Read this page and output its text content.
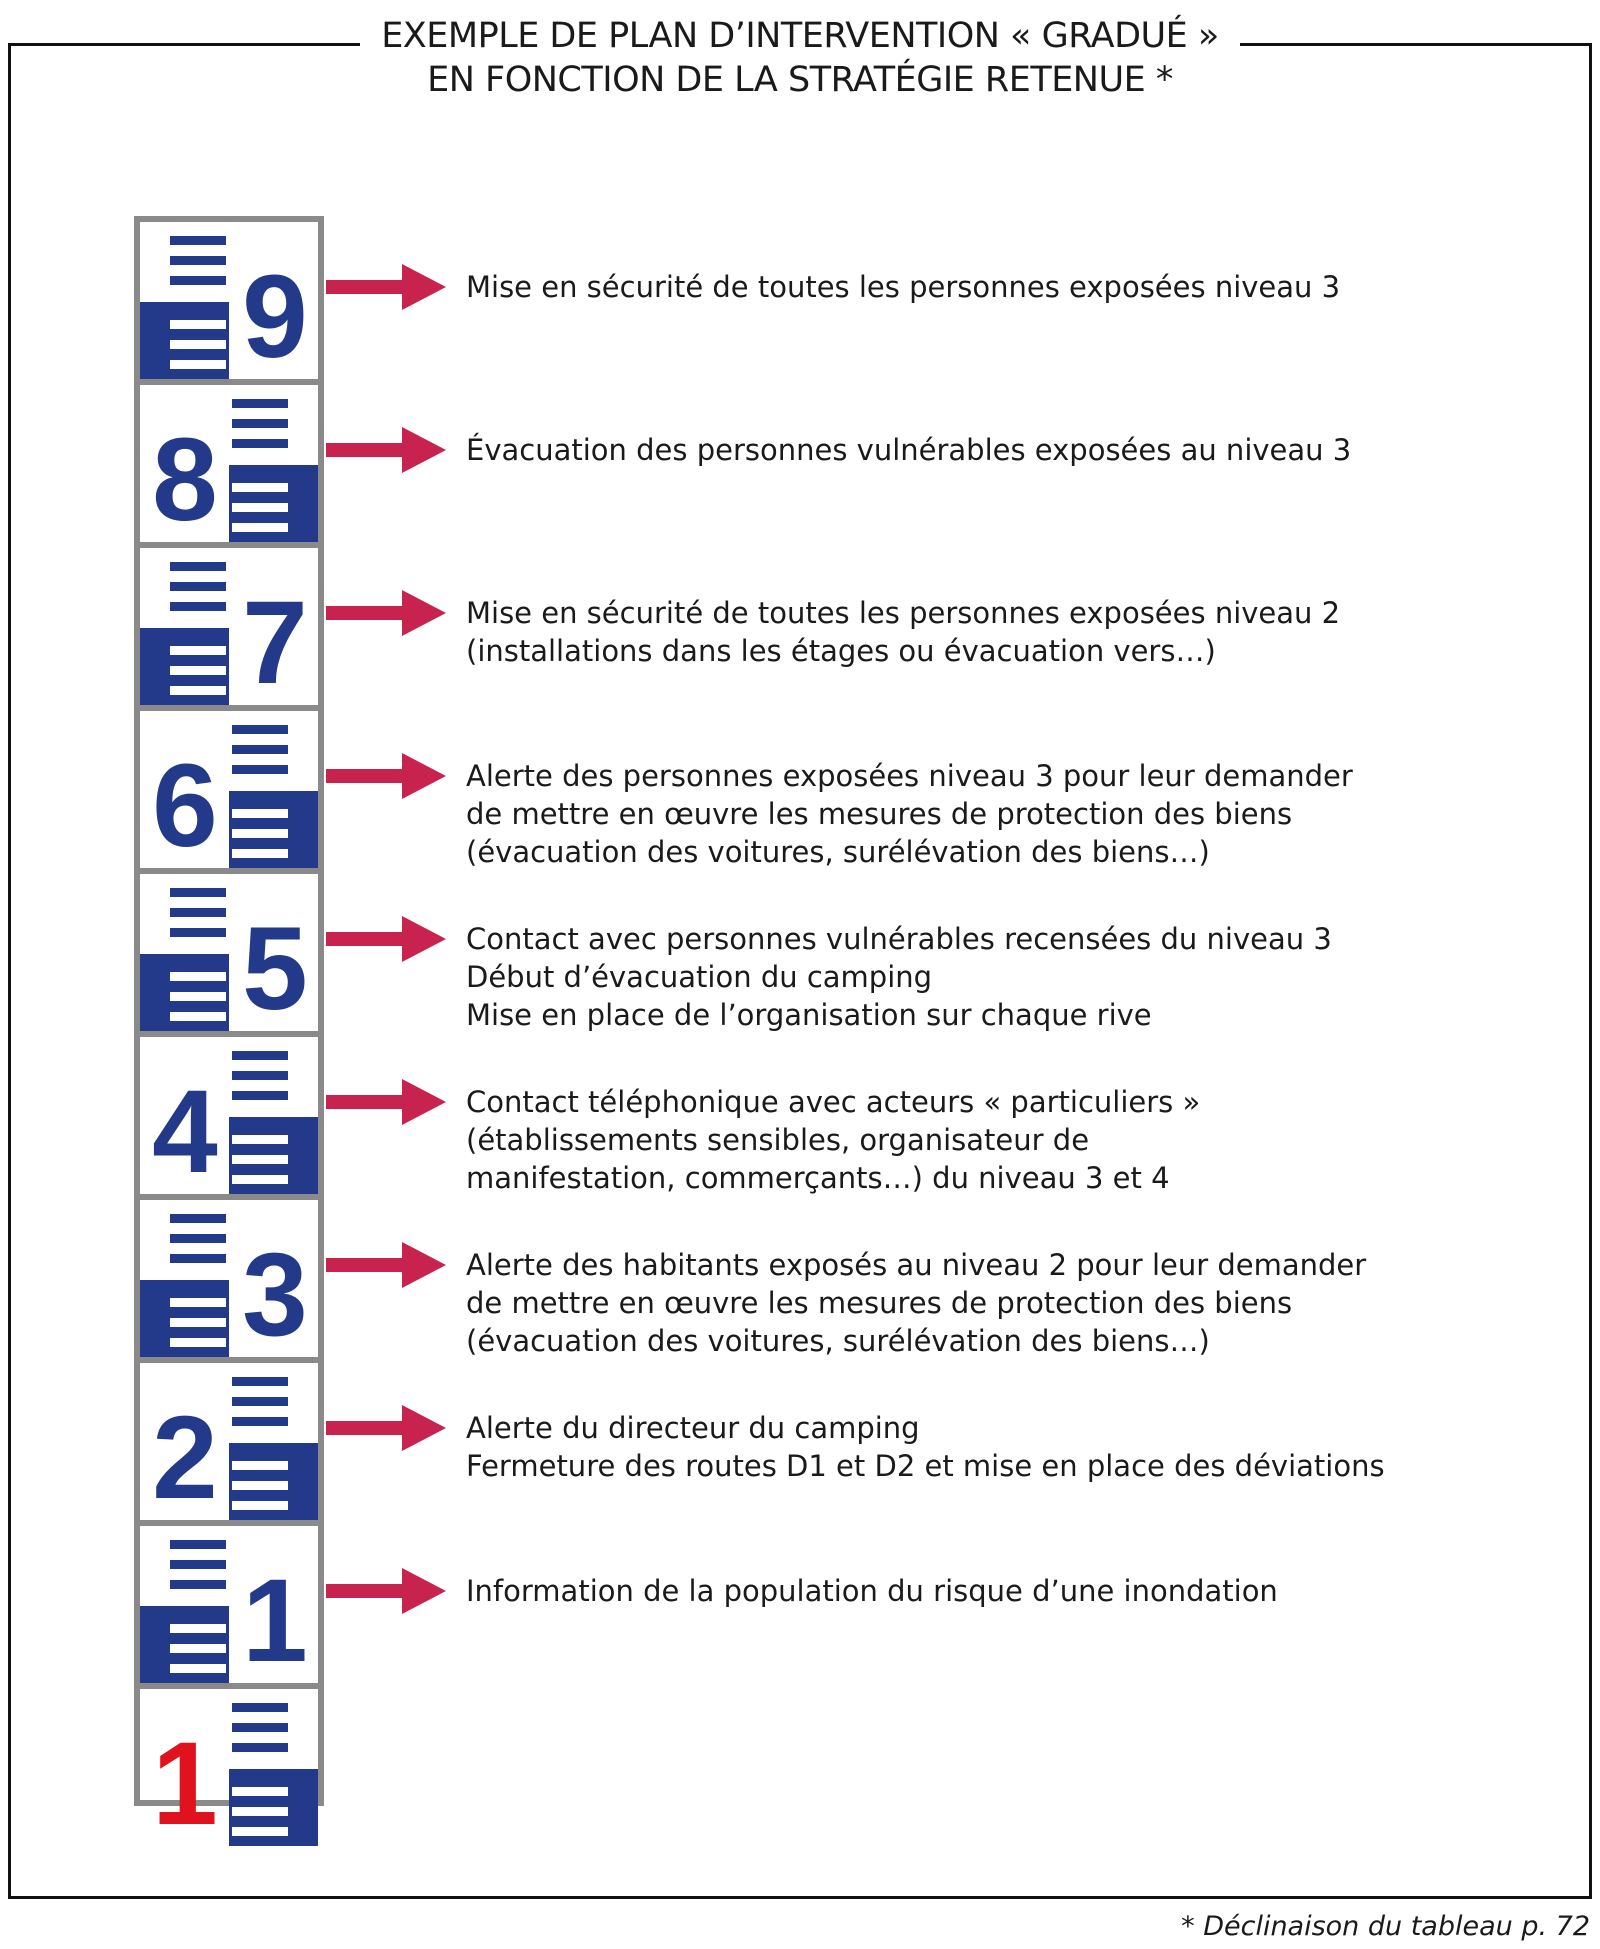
EXEMPLE DE PLAN D’INTERVENTION « GRADUÉ »
EN FONCTION DE LA STRATÉGIE RETENUE *
9
8
7
6
5
4
3
2
1
1
Mise en sécurité de toutes les personnes exposées niveau 3
Évacuation des personnes vulnérables exposées au niveau 3
Mise en sécurité de toutes les personnes exposées niveau 2
(installations dans les étages ou évacuation vers…)
Alerte des personnes exposées niveau 3 pour leur demander
de mettre en œuvre les mesures de protection des biens
(évacuation des voitures, surélévation des biens…)
Contact avec personnes vulnérables recensées du niveau 3
Début d’évacuation du camping
Mise en place de l’organisation sur chaque rive
Contact téléphonique avec acteurs « particuliers »
(établissements sensibles, organisateur de
manifestation, commerçants…) du niveau 3 et 4
Alerte des habitants exposés au niveau 2 pour leur demander
de mettre en œuvre les mesures de protection des biens
(évacuation des voitures, surélévation des biens…)
Alerte du directeur du camping
Fermeture des routes D1 et D2 et mise en place des déviations
Information de la population du risque d’une inondation
* Déclinaison du tableau p. 72
